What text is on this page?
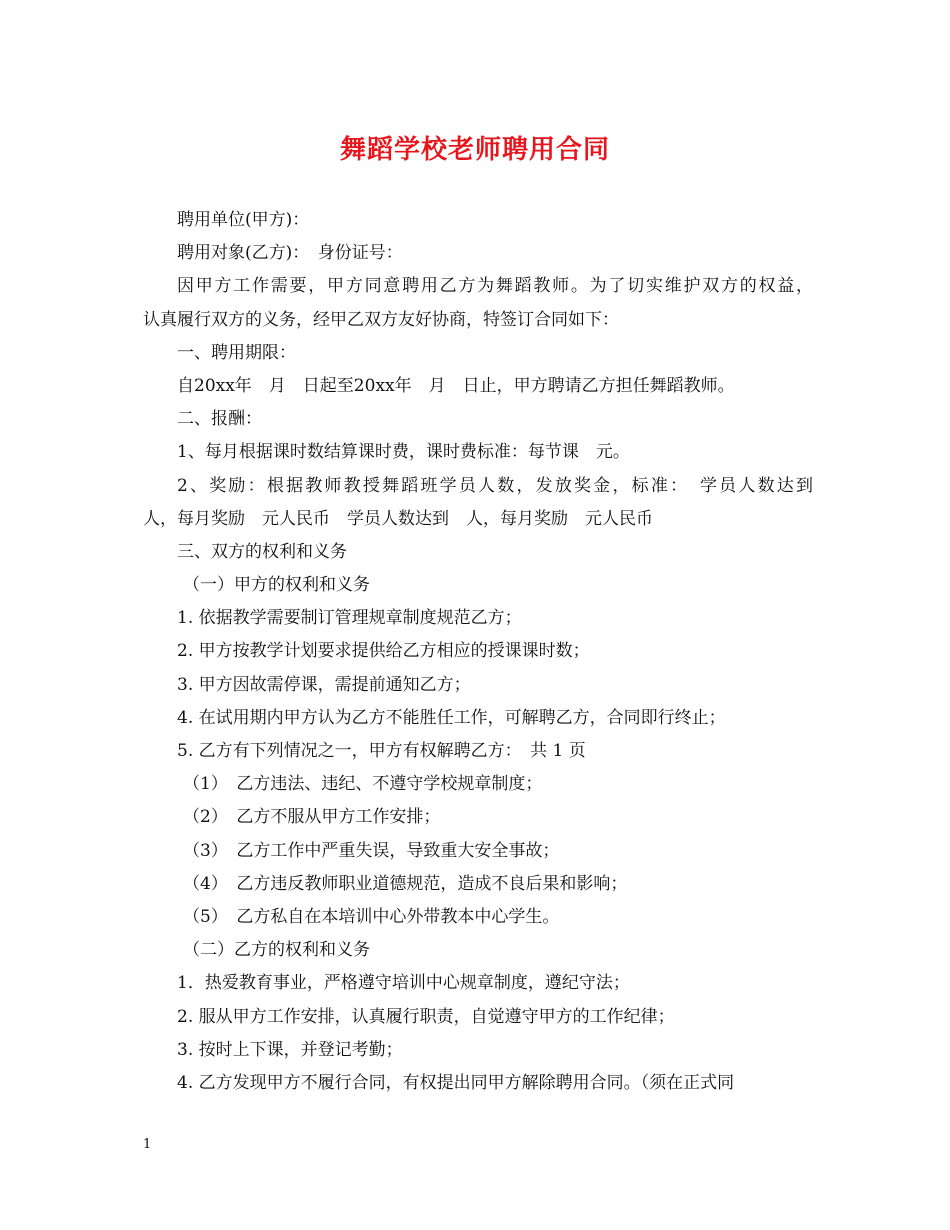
舞蹈学校老师聘用合同
聘用单位(甲方)：
聘用对象(乙方)：　身份证号：
因甲方工作需要，甲方同意聘用乙方为舞蹈教师。为了切实维护双方的权益，
认真履行双方的义务，经甲乙双方友好协商，特签订合同如下：
一、聘用期限：
自20xx年　月　日起至20xx年　月　日止，甲方聘请乙方担任舞蹈教师。
二、报酬：
1、每月根据课时数结算课时费，课时费标准：每节课　元。
2、奖励：根据教师教授舞蹈班学员人数，发放奖金，标准：　学员人数达到
人，每月奖励　元人民币　学员人数达到　人，每月奖励　元人民币
三、双方的权利和义务
（一）甲方的权利和义务
1. 依据教学需要制订管理规章制度规范乙方；
2. 甲方按教学计划要求提供给乙方相应的授课课时数；
3. 甲方因故需停课，需提前通知乙方；
4. 在试用期内甲方认为乙方不能胜任工作，可解聘乙方，合同即行终止；
5. 乙方有下列情况之一，甲方有权解聘乙方：　共 1 页
（1）　乙方违法、违纪、不遵守学校规章制度；
（2）　乙方不服从甲方工作安排；
（3）　乙方工作中严重失误，导致重大安全事故；
（4）　乙方违反教师职业道德规范，造成不良后果和影响；
（5）　乙方私自在本培训中心外带教本中心学生。
（二）乙方的权利和义务
1．热爱教育事业，严格遵守培训中心规章制度，遵纪守法；
2. 服从甲方工作安排，认真履行职责，自觉遵守甲方的工作纪律；
3. 按时上下课，并登记考勤；
4. 乙方发现甲方不履行合同，有权提出同甲方解除聘用合同。（须在正式同
1
